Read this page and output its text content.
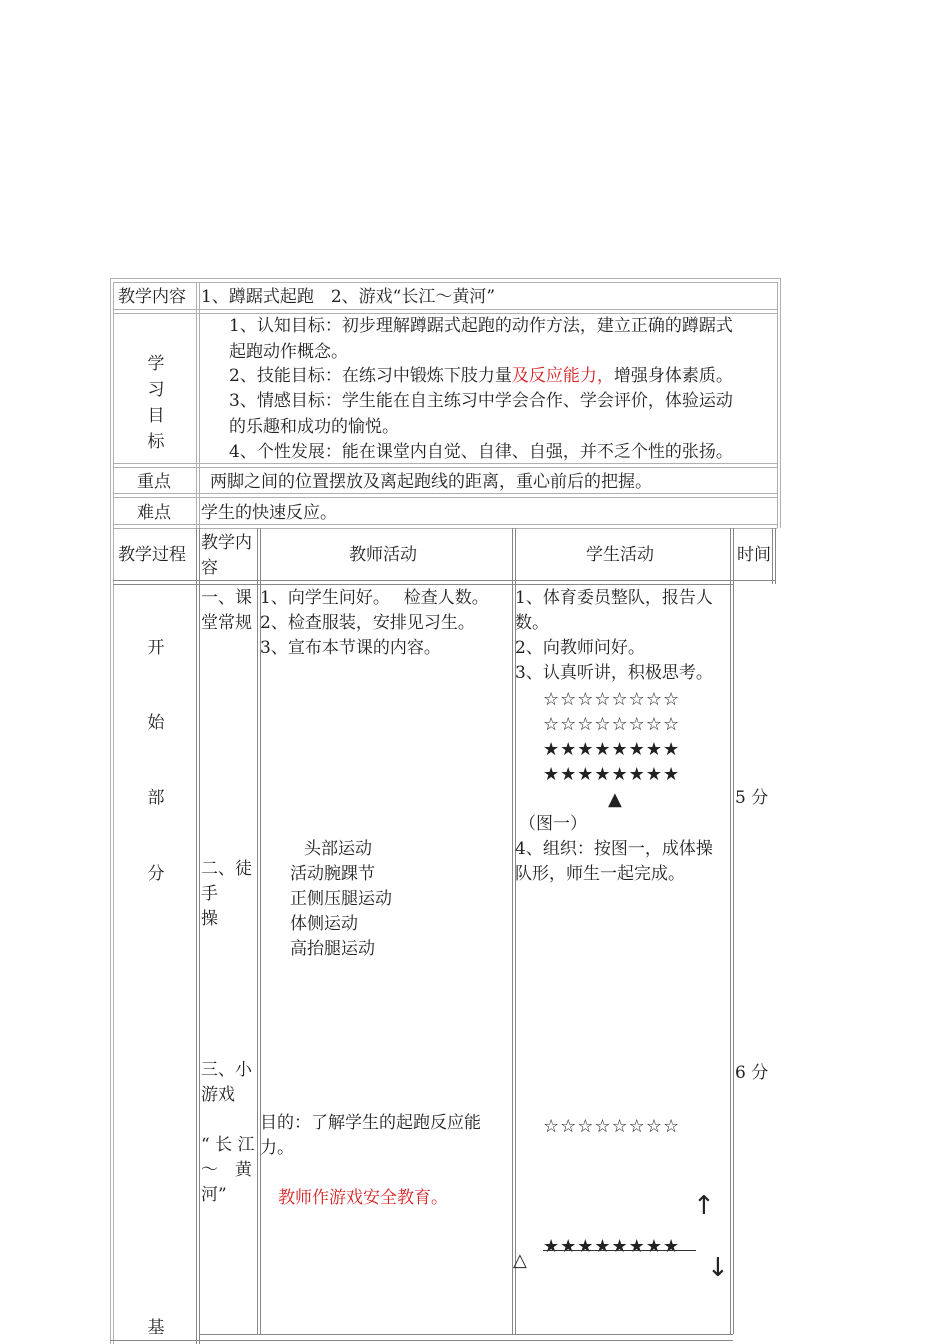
教学内容 1、蹲踞式起跑　2、游戏“长江～黄河”
学
习
目
标
1、认知目标：初步理解蹲踞式起跑的动作方法，建立正确的蹲踞式
起跑动作概念。
2、技能目标：在练习中锻炼下肢力量及反应能力，增强身体素质。
3、情感目标：学生能在自主练习中学会合作、学会评价，体验运动
的乐趣和成功的愉悦。
4、个性发展：能在课堂内自觉、自律、自强，并不乏个性的张扬。
重点 两脚之间的位置摆放及离起跑线的距离，重心前后的把握。
难点 学生的快速反应。
教学过程
教学内
容
教师活动	学生活动	时间
开
始
部
分
基
一、课
堂常规
1、向学生问好。　 检查人数。
2、检查服装，安排见习生。
3、宣布本节课的内容。
1、体育委员整队，报告人
数。
2、向教师问好。
3、认真听讲，积极思考。
☆☆☆☆☆☆☆☆
☆☆☆☆☆☆☆☆
★★★★★★★★
★★★★★★★★
▲
（图一）
4、组织：按图一，成体操
队形，师生一起完成。
5 分
二、徒
手
操
头部运动
活动腕踝节
正侧压腿运动
体侧运动
高抬腿运动
三、小
游戏
“ 长 江
～　黄
河”
目的：了解学生的起跑反应能
力。
教师作游戏安全教育。
6 分
☆☆☆☆☆☆☆☆
★★★★★★★★
△
↑
↓
